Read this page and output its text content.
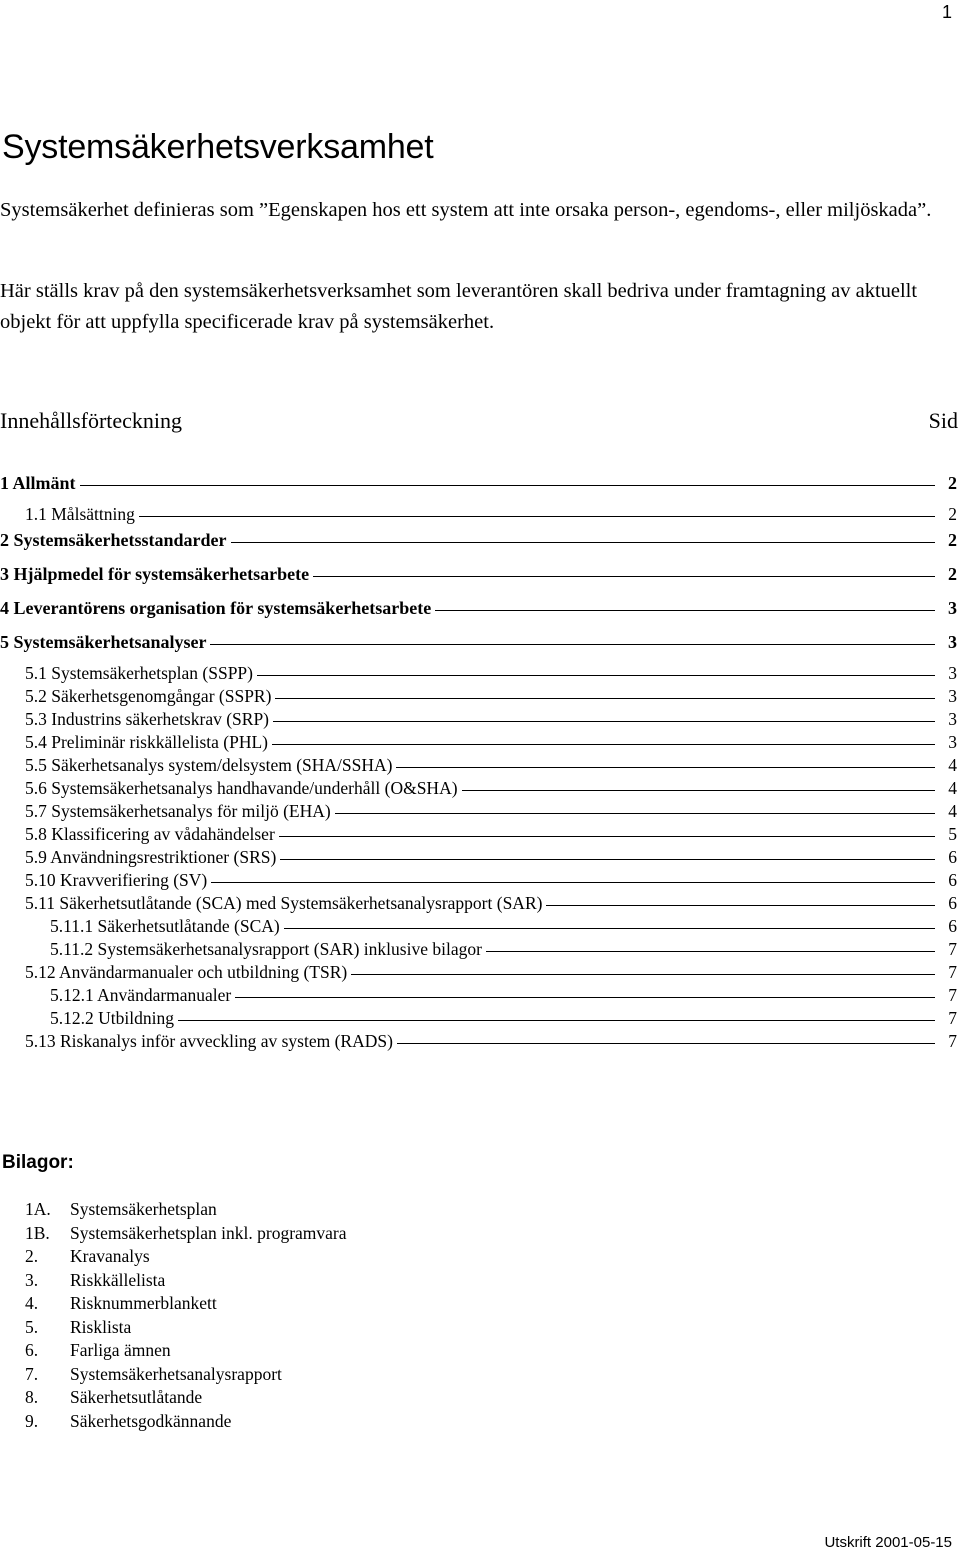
1
Systemsäkerhetsverksamhet

Systemsäkerhet definieras som ”Egenskapen hos ett system att inte orsaka person-, egendoms-, eller miljöskada”.

Här ställs krav på den systemsäkerhetsverksamhet som leverantören skall bedriva under framtagning av aktuellt objekt för att uppfylla specificerade krav på systemsäkerhet.

Innehållsförteckning	Sid
1 Allmänt	2
1.1 Målsättning	2
2 Systemsäkerhetsstandarder	2
3 Hjälpmedel för systemsäkerhetsarbete	2
4 Leverantörens organisation för systemsäkerhetsarbete	3
5 Systemsäkerhetsanalyser	3
5.1 Systemsäkerhetsplan (SSPP)	3
5.2 Säkerhetsgenomgångar (SSPR)	3
5.3 Industrins säkerhetskrav (SRP)	3
5.4 Preliminär riskkällelista (PHL)	3
5.5 Säkerhetsanalys system/delsystem (SHA/SSHA)	4
5.6 Systemsäkerhetsanalys handhavande/underhåll (O&SHA)	4
5.7 Systemsäkerhetsanalys för miljö (EHA)	4
5.8 Klassificering av vådahändelser	5
5.9 Användningsrestriktioner (SRS)	6
5.10 Kravverifiering (SV)	6
5.11 Säkerhetsutlåtande (SCA) med Systemsäkerhetsanalysrapport (SAR)	6
5.11.1 Säkerhetsutlåtande (SCA)	6
5.11.2 Systemsäkerhetsanalysrapport (SAR) inklusive bilagor	7
5.12 Användarmanualer och utbildning (TSR)	7
5.12.1 Användarmanualer	7
5.12.2 Utbildning	7
5.13 Riskanalys inför avveckling av system (RADS)	7
Bilagor:
1A.	Systemsäkerhetsplan
1B.	Systemsäkerhetsplan inkl. programvara
2.	Kravanalys
3.	Riskkällelista
4.	Risknummerblankett
5.	Risklista
6.	Farliga ämnen
7.	Systemsäkerhetsanalysrapport
8.	Säkerhetsutlåtande
9.	Säkerhetsgodkännande
Utskrift 2001-05-15
